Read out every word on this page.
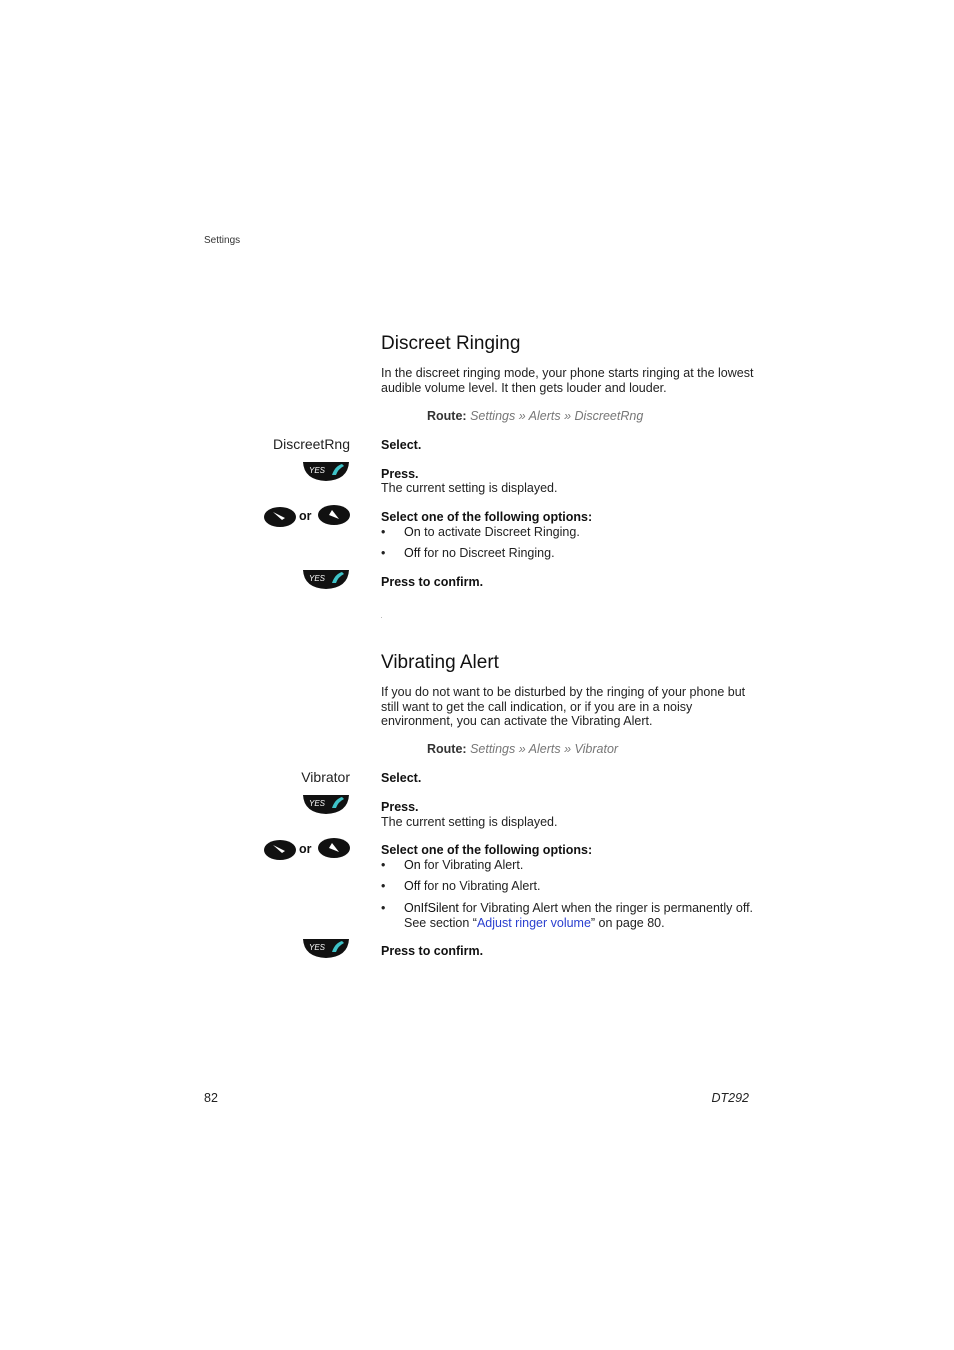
Settings
Discreet Ringing
In the discreet ringing mode, your phone starts ringing at the lowest audible volume level. It then gets louder and louder.
Route: Settings » Alerts » DiscreetRng
DiscreetRng Select.
YES	Press.
The current setting is displayed.
or	Select one of the following options:
• On to activate Discreet Ringing.
• Off for no Discreet Ringing.
YES	Press to confirm.
Vibrating Alert
If you do not want to be disturbed by the ringing of your phone but still want to get the call indication, or if you are in a noisy environment, you can activate the Vibrating Alert.
Route: Settings » Alerts » Vibrator
Vibrator Select.
YES	Press.
The current setting is displayed.
or	Select one of the following options:
• On for Vibrating Alert.
• Off for no Vibrating Alert.
• OnIfSilent for Vibrating Alert when the ringer is permanently off.
See section “Adjust ringer volume” on page 80.
YES	Press to confirm.
82	DT292
